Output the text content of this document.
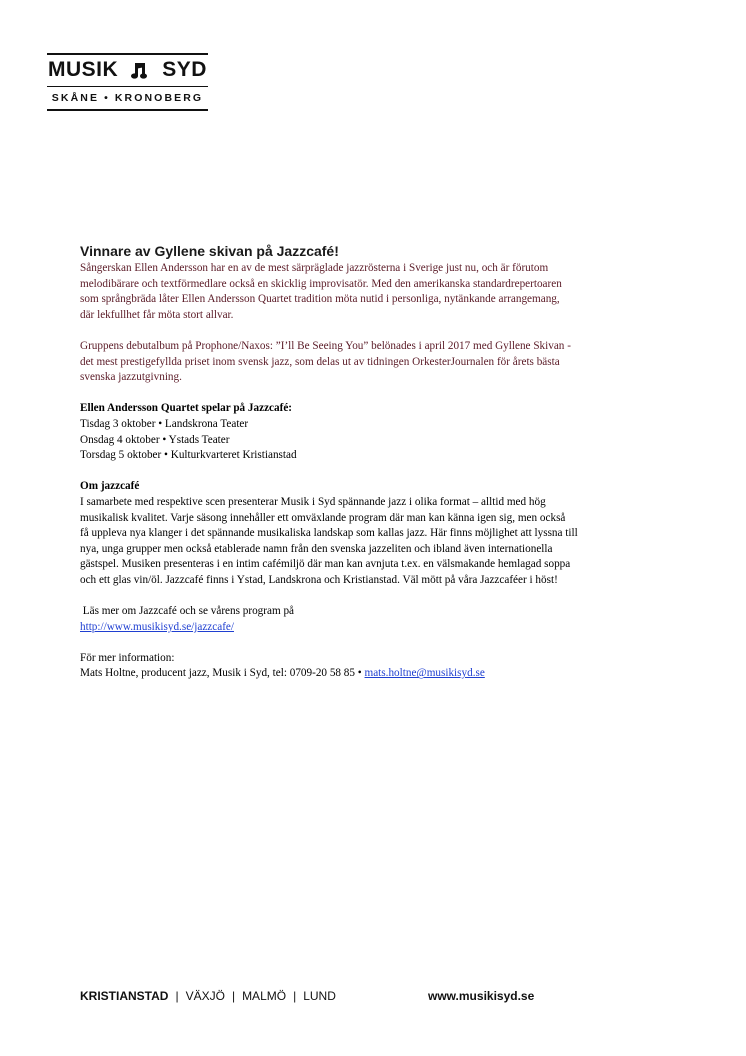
MUSIK SYD
SKÅNE • KRONOBERG
Vinnare av Gyllene skivan på Jazzcafé!

Sångerskan Ellen Andersson har en av de mest särpräglade jazzrösterna i Sverige just nu, och är förutom

melodibärare och textförmedlare också en skicklig improvisatör. Med den amerikanska standardrepertoaren

som språngbräda låter Ellen Andersson Quartet tradition möta nutid i personliga, nytänkande arrangemang,

där lekfullhet får möta stort allvar.

Gruppens debutalbum på Prophone/Naxos: ”I’ll Be Seeing You” belönades i april 2017 med Gyllene Skivan -

det mest prestigefyllda priset inom svensk jazz, som delas ut av tidningen OrkesterJournalen för årets bästa

svenska jazzutgivning.

Ellen Andersson Quartet spelar på Jazzcafé:

Tisdag 3 oktober • Landskrona Teater

Onsdag 4 oktober • Ystads Teater

Torsdag 5 oktober • Kulturkvarteret Kristianstad

Om jazzcafé

I samarbete med respektive scen presenterar Musik i Syd spännande jazz i olika format – alltid med hög

musikalisk kvalitet. Varje säsong innehåller ett omväxlande program där man kan känna igen sig, men också

få uppleva nya klanger i det spännande musikaliska landskap som kallas jazz. Här finns möjlighet att lyssna till

nya, unga grupper men också etablerade namn från den svenska jazzeliten och ibland även internationella

gästspel. Musiken presenteras i en intim cafémiljö där man kan avnjuta t.ex. en välsmakande hemlagad soppa

och ett glas vin/öl. Jazzcafé finns i Ystad, Landskrona och Kristianstad. Väl mött på våra Jazzcaféer i höst!

Läs mer om Jazzcafé och se vårens program på

http://www.musikisyd.se/jazzcafe/

För mer information:

Mats Holtne, producent jazz, Musik i Syd, tel: 0709-20 58 85 • mats.holtne@musikisyd.se

KRISTIANSTAD | VÄXJÖ | MALMÖ | LUND	www.musikisyd.se
